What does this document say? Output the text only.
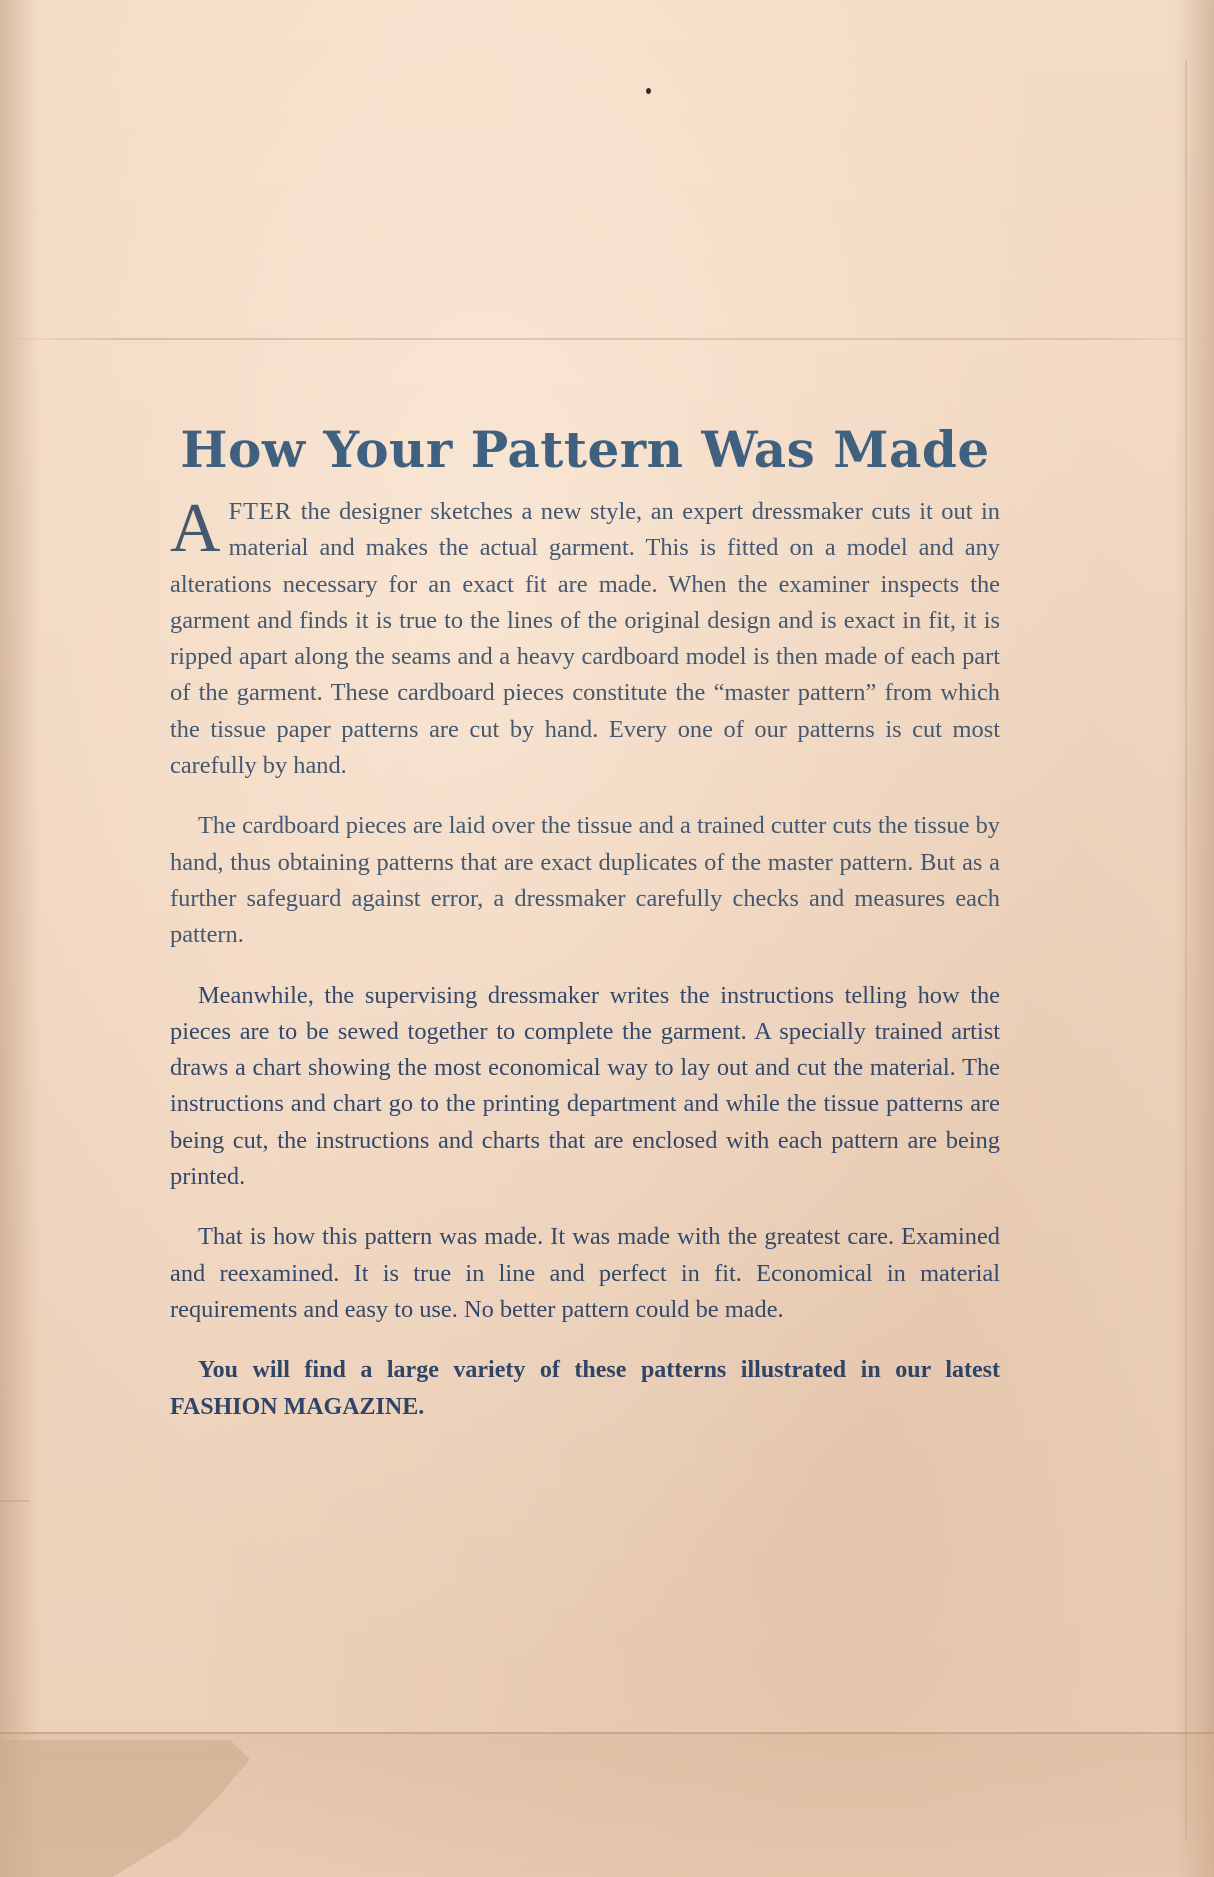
How Your Pattern Was Made

AFTER the designer sketches a new style, an expert dressmaker cuts it out in material and makes the actual garment. This is fitted on a model and any alterations necessary for an exact fit are made. When the examiner inspects the garment and finds it is true to the lines of the original design and is exact in fit, it is ripped apart along the seams and a heavy cardboard model is then made of each part of the garment. These cardboard pieces constitute the “master pattern” from which the tissue paper patterns are cut by hand. Every one of our patterns is cut most carefully by hand.

The cardboard pieces are laid over the tissue and a trained cutter cuts the tissue by hand, thus obtaining patterns that are exact duplicates of the master pattern. But as a further safeguard against error, a dressmaker carefully checks and measures each pattern.

Meanwhile, the supervising dressmaker writes the instructions telling how the pieces are to be sewed together to complete the garment. A specially trained artist draws a chart showing the most economical way to lay out and cut the material. The instructions and chart go to the printing department and while the tissue patterns are being cut, the instructions and charts that are enclosed with each pattern are being printed.

That is how this pattern was made. It was made with the greatest care. Examined and reexamined. It is true in line and perfect in fit. Economical in material requirements and easy to use. No better pattern could be made.

You will find a large variety of these patterns illustrated in our latest FASHION MAGAZINE.
